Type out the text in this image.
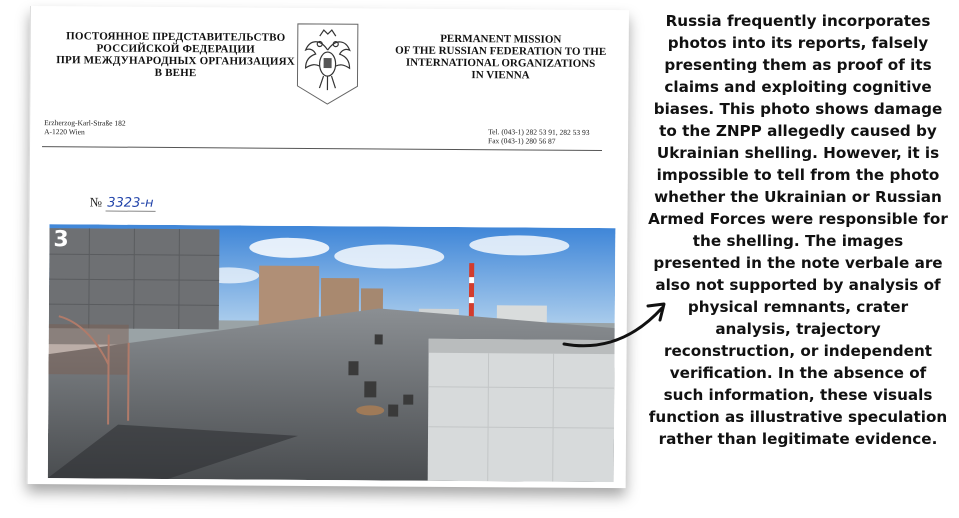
ПОСТОЯННОЕ ПРЕДСТАВИТЕЛЬСТВО
РОССИЙСКОЙ ФЕДЕРАЦИИ
ПРИ МЕЖДУНАРОДНЫХ ОРГАНИЗАЦИЯХ
В ВЕНЕ
PERMANENT MISSION
OF THE RUSSIAN FEDERATION TO THE
INTERNATIONAL ORGANIZATIONS
IN VIENNA
Erzherzog-Karl-Straße 182
A-1220 Wien	Tel. (043-1) 282 53 91, 282 53 93
Fax (043-1) 280 56 87
№ 3323-н
3
Russia frequently incorporates photos into its reports, falsely presenting them as proof of its claims and exploiting cognitive biases. This photo shows damage to the ZNPP allegedly caused by Ukrainian shelling. However, it is impossible to tell from the photo whether the Ukrainian or Russian Armed Forces were responsible for the shelling. The images presented in the note verbale are also not supported by analysis of physical remnants, crater analysis, trajectory reconstruction, or independent verification. In the absence of such information, these visuals function as illustrative speculation rather than legitimate evidence.
